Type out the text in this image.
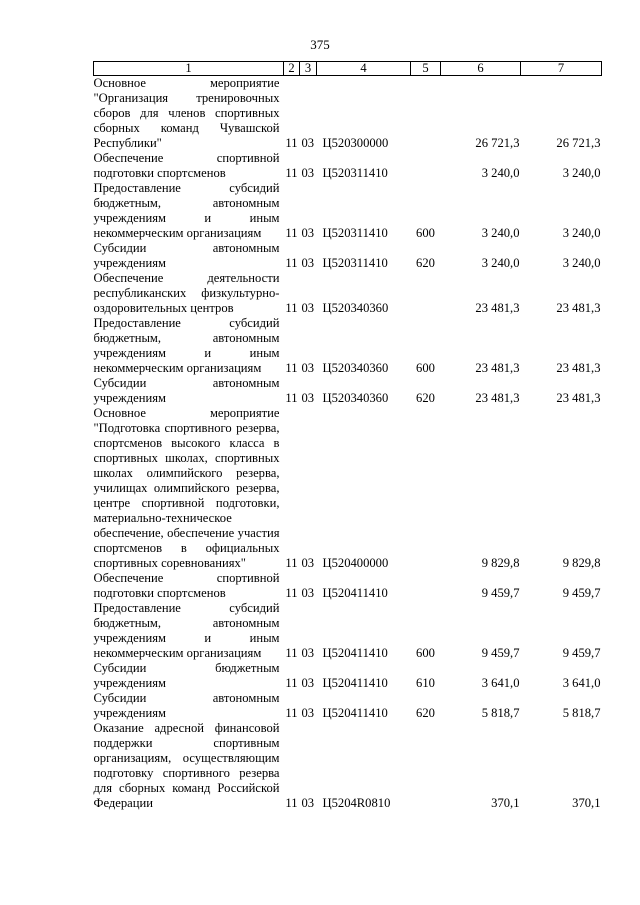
375
1	2	3	4	5	6	7
Основное мероприятие "Организация тренировочных сборов для членов спортивных сборных команд Чувашской Республики"	11	03	Ц520300000		26 721,3	26 721,3
Обеспечение спортивной подготовки спортсменов	11	03	Ц520311410		3 240,0	3 240,0
Предоставление субсидий бюджетным, автономным учреждениям и иным некоммерческим организациям	11	03	Ц520311410	600	3 240,0	3 240,0
Субсидии автономным учреждениям	11	03	Ц520311410	620	3 240,0	3 240,0
Обеспечение деятельности республиканских физкультурно-оздоровительных центров	11	03	Ц520340360		23 481,3	23 481,3
Предоставление субсидий бюджетным, автономным учреждениям и иным некоммерческим организациям	11	03	Ц520340360	600	23 481,3	23 481,3
Субсидии автономным учреждениям	11	03	Ц520340360	620	23 481,3	23 481,3
Основное мероприятие "Подготовка спортивного резерва, спортсменов высокого класса в спортивных школах, спортивных школах олимпийского резерва, училищах олимпийского резерва, центре спортивной подготовки, материально-техническое обеспечение, обеспечение участия спортсменов в официальных спортивных соревнованиях"	11	03	Ц520400000		9 829,8	9 829,8
Обеспечение спортивной подготовки спортсменов	11	03	Ц520411410		9 459,7	9 459,7
Предоставление субсидий бюджетным, автономным учреждениям и иным некоммерческим организациям	11	03	Ц520411410	600	9 459,7	9 459,7
Субсидии бюджетным учреждениям	11	03	Ц520411410	610	3 641,0	3 641,0
Субсидии автономным учреждениям	11	03	Ц520411410	620	5 818,7	5 818,7
Оказание адресной финансовой поддержки спортивным организациям, осуществляющим подготовку спортивного резерва для сборных команд Российской Федерации	11	03	Ц5204R0810		370,1	370,1
